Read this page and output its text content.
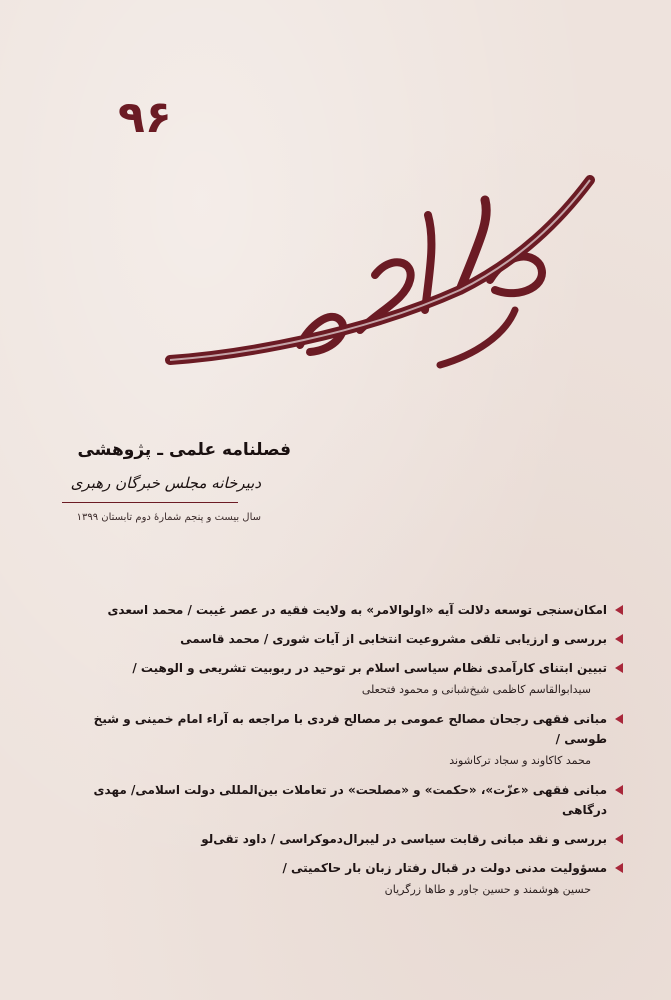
۹۶
فصلنامه علمی ـ پژوهشی
دبیرخانه مجلس خبرگان رهبری
سال بیست و پنجم شمارۀ دوم تابستان ۱۳۹۹
امکان‌سنجی توسعه دلالت آیه «اولوالامر» به ولایت فقیه در عصر غیبت / محمد اسعدی
بررسی و ارزیابی تلقی مشروعیت انتخابی از آیات شوری / محمد قاسمی
تبیین ابتنای کارآمدی نظام سیاسی اسلام بر توحید در ربوبیت تشریعی و الوهیت /
سیدابوالقاسم کاظمی شیخ‌شبانی و محمود فتحعلی
مبانی فقهی رجحان مصالح عمومی بر مصالح فردی با مراجعه به آراء امام خمینی و شیخ طوسی /
محمد کاکاوند و سجاد ترکاشوند
مبانی فقهی «عزّت»، «حکمت» و «مصلحت» در تعاملات بین‌المللی دولت اسلامی/ مهدی درگاهی
بررسی و نقد مبانی رقابت سیاسی در لیبرال‌دموکراسی / داود تقی‌لو
مسؤولیت مدنی دولت در قبال رفتار زبان بار حاکمیتی /
حسین هوشمند و حسین جاور و طاها زرگریان
